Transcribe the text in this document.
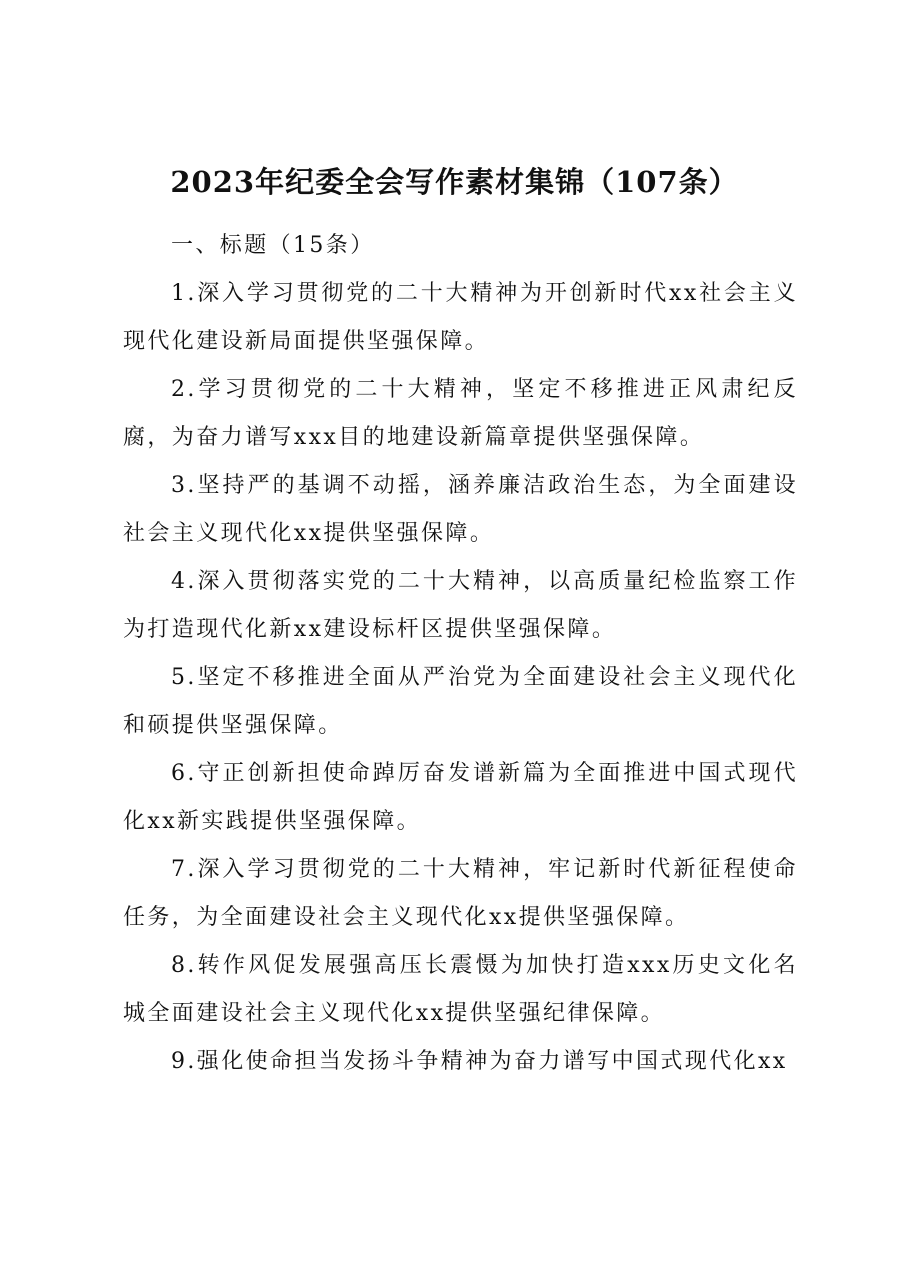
2023年纪委全会写作素材集锦（107条）

一、标题（15条）

1.深入学习贯彻党的二十大精神为开创新时代xx社会主义现代化建设新局面提供坚强保障。

2.学习贯彻党的二十大精神，坚定不移推进正风肃纪反腐，为奋力谱写xxx目的地建设新篇章提供坚强保障。

3.坚持严的基调不动摇，涵养廉洁政治生态，为全面建设社会主义现代化xx提供坚强保障。

4.深入贯彻落实党的二十大精神，以高质量纪检监察工作为打造现代化新xx建设标杆区提供坚强保障。

5.坚定不移推进全面从严治党为全面建设社会主义现代化和硕提供坚强保障。

6.守正创新担使命踔厉奋发谱新篇为全面推进中国式现代化xx新实践提供坚强保障。

7.深入学习贯彻党的二十大精神，牢记新时代新征程使命任务，为全面建设社会主义现代化xx提供坚强保障。

8.转作风促发展强高压长震慑为加快打造xxx历史文化名城全面建设社会主义现代化xx提供坚强纪律保障。

9.强化使命担当发扬斗争精神为奋力谱写中国式现代化xx
